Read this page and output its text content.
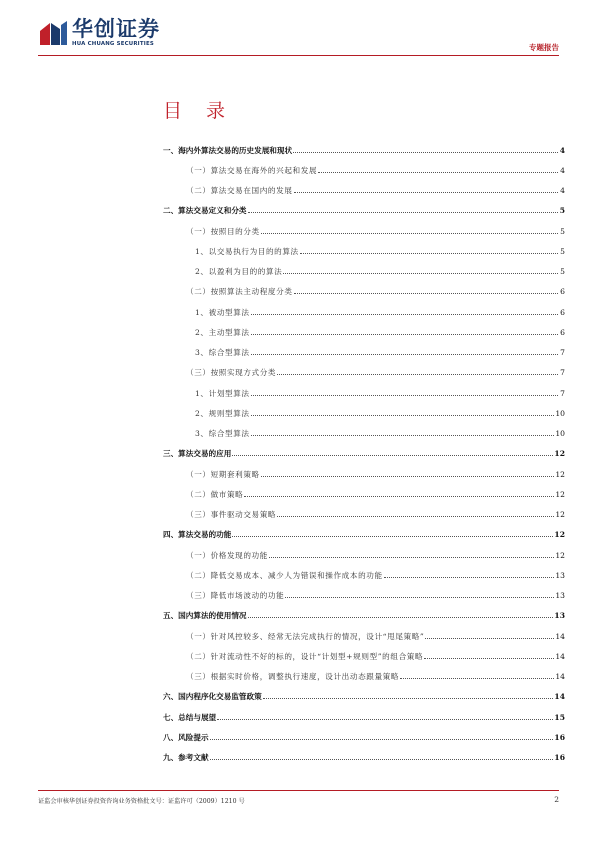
华创证券
HUA CHUANG SECURITIES	专题报告
目 录
一、海内外算法交易的历史发展和现状	4
（一）算法交易在海外的兴起和发展	4
（二）算法交易在国内的发展	4
二、算法交易定义和分类	5
（一）按照目的分类	5
1、以交易执行为目的的算法	5
2、以盈利为目的的算法	5
（二）按照算法主动程度分类	6
1、被动型算法	6
2、主动型算法	6
3、综合型算法	7
（三）按照实现方式分类	7
1、计划型算法	7
2、规则型算法	10
3、综合型算法	10
三、算法交易的应用	12
（一）短期套利策略	12
（二）做市策略	12
（三）事件驱动交易策略	12
四、算法交易的功能	12
（一）价格发现的功能	12
（二）降低交易成本、减少人为错误和操作成本的功能	13
（三）降低市场波动的功能	13
五、国内算法的使用情况	13
（一）针对风控较多、经常无法完成执行的情况，设计“甩尾策略”	14
（二）针对流动性不好的标的，设计“计划型+规则型”的组合策略	14
（三）根据实时价格，调整执行速度，设计出动态跟量策略	14
六、国内程序化交易监管政策	14
七、总结与展望	15
八、风险提示	16
九、参考文献	16
证监会审核华创证券投资咨询业务资格批文号：证监许可（2009）1210 号	2
